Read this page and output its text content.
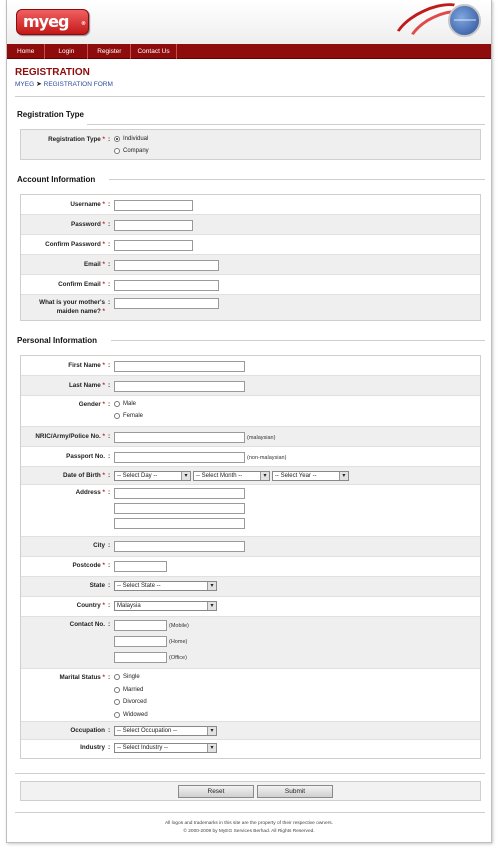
myeg	®
Home	Login	Register	Contact Us
REGISTRATION
MYEG ➤ REGISTRATION FORM
Registration Type
Registration Type * :	Individual
Company
Account Information
Username * :
Password * :
Confirm Password * :
Email * :
Confirm Email * :
What is your mother's maiden name? *
:
Personal Information
First Name * :
Last Name * :
Gender * :	Male
Female
NRIC/Army/Police No. * :	(malaysian)
Passport No. :	(non-malaysian)
Date of Birth * :	-- Select Day -- ▾	-- Select Month -- ▾	-- Select Year -- ▾
Address * :
City :
Postcode * :
State :	-- Select State -- ▾
Country * :	Malaysia ▾
Contact No. :	(Mobile)
(Home)
(Office)
Marital Status * :	Single
Married
Divorced
Widowed
Occupation :	-- Select Occupation -- ▾
Industry :	-- Select Industry -- ▾
Reset	Submit
All logos and trademarks in this site are the property of their respective owners.
© 2000-2009 by MyEG Services Berhad. All Rights Reserved.
